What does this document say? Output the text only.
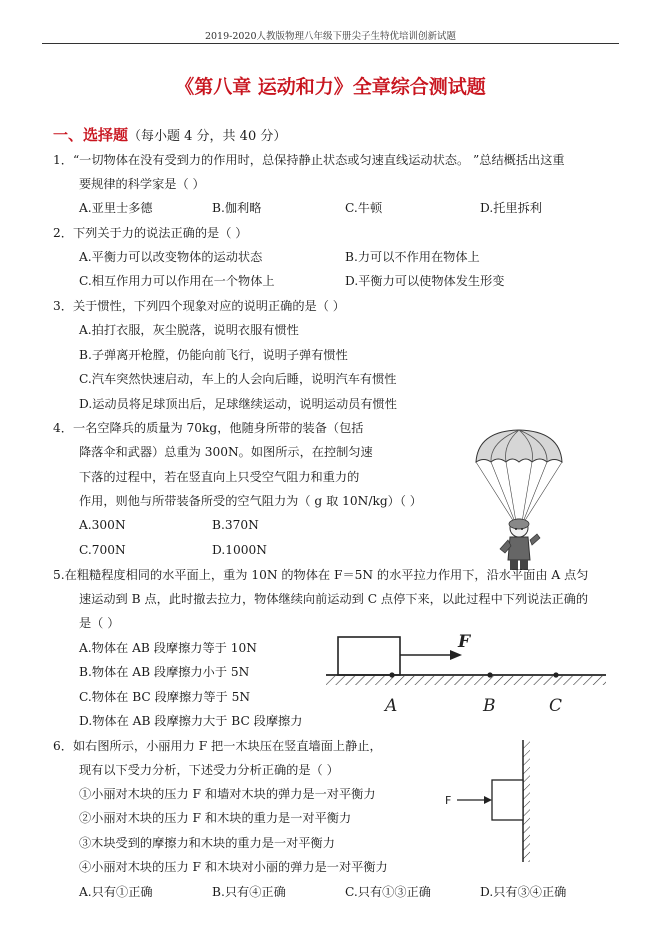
2019-2020人教版物理八年级下册尖子生特优培训创新试题
《第八章 运动和力》全章综合测试题
一、选择题（每小题 4 分，共 40 分）
1．“一切物体在没有受到力的作用时，总保持静止状态或匀速直线运动状态。 ”总结概括出这重
要规律的科学家是（ ）
A.亚里士多德	B.伽利略	C.牛顿	D.托里拆利
2．下列关于力的说法正确的是（ ）
A.平衡力可以改变物体的运动状态	B.力可以不作用在物体上
C.相互作用力可以作用在一个物体上	D.平衡力可以使物体发生形变
3．关于惯性，下列四个现象对应的说明正确的是（ ）
A.拍打衣服，灰尘脱落，说明衣服有惯性
B.子弹离开枪膛，仍能向前飞行，说明子弹有惯性
C.汽车突然快速启动，车上的人会向后睡，说明汽车有惯性
D.运动员将足球顶出后，足球继续运动，说明运动员有惯性
4．一名空降兵的质量为 70kg，他随身所带的装备（包括
降落伞和武器）总重为 300N。如图所示，在控制匀速
下落的过程中，若在竖直向上只受空气阻力和重力的
作用，则他与所带装备所受的空气阻力为（ g 取 10N/kg）（ ）
A.300N	B.370N
C.700N	D.1000N
5.在粗糙程度相同的水平面上，重为 10N 的物体在 F＝5N 的水平拉力作用下，沿水平面由 A 点匀
速运动到 B 点，此时撤去拉力，物体继续向前运动到 C 点停下来，以此过程中下列说法正确的
是（ ）
A.物体在 AB 段摩擦力等于 10N
B.物体在 AB 段摩擦力小于 5N
C.物体在 BC 段摩擦力等于 5N
D.物体在 AB 段摩擦力大于 BC 段摩擦力
F
A	B	C
6．如右图所示，小丽用力 F 把一木块压在竖直墙面上静止，
现有以下受力分析，下述受力分析正确的是（ ）
①小丽对木块的压力 F 和墙对木块的弹力是一对平衡力
②小丽对木块的压力 F 和木块的重力是一对平衡力
③木块受到的摩擦力和木块的重力是一对平衡力
④小丽对木块的压力 F 和木块对小丽的弹力是一对平衡力
A.只有①正确	B.只有④正确	C.只有①③正确	D.只有③④正确
F
